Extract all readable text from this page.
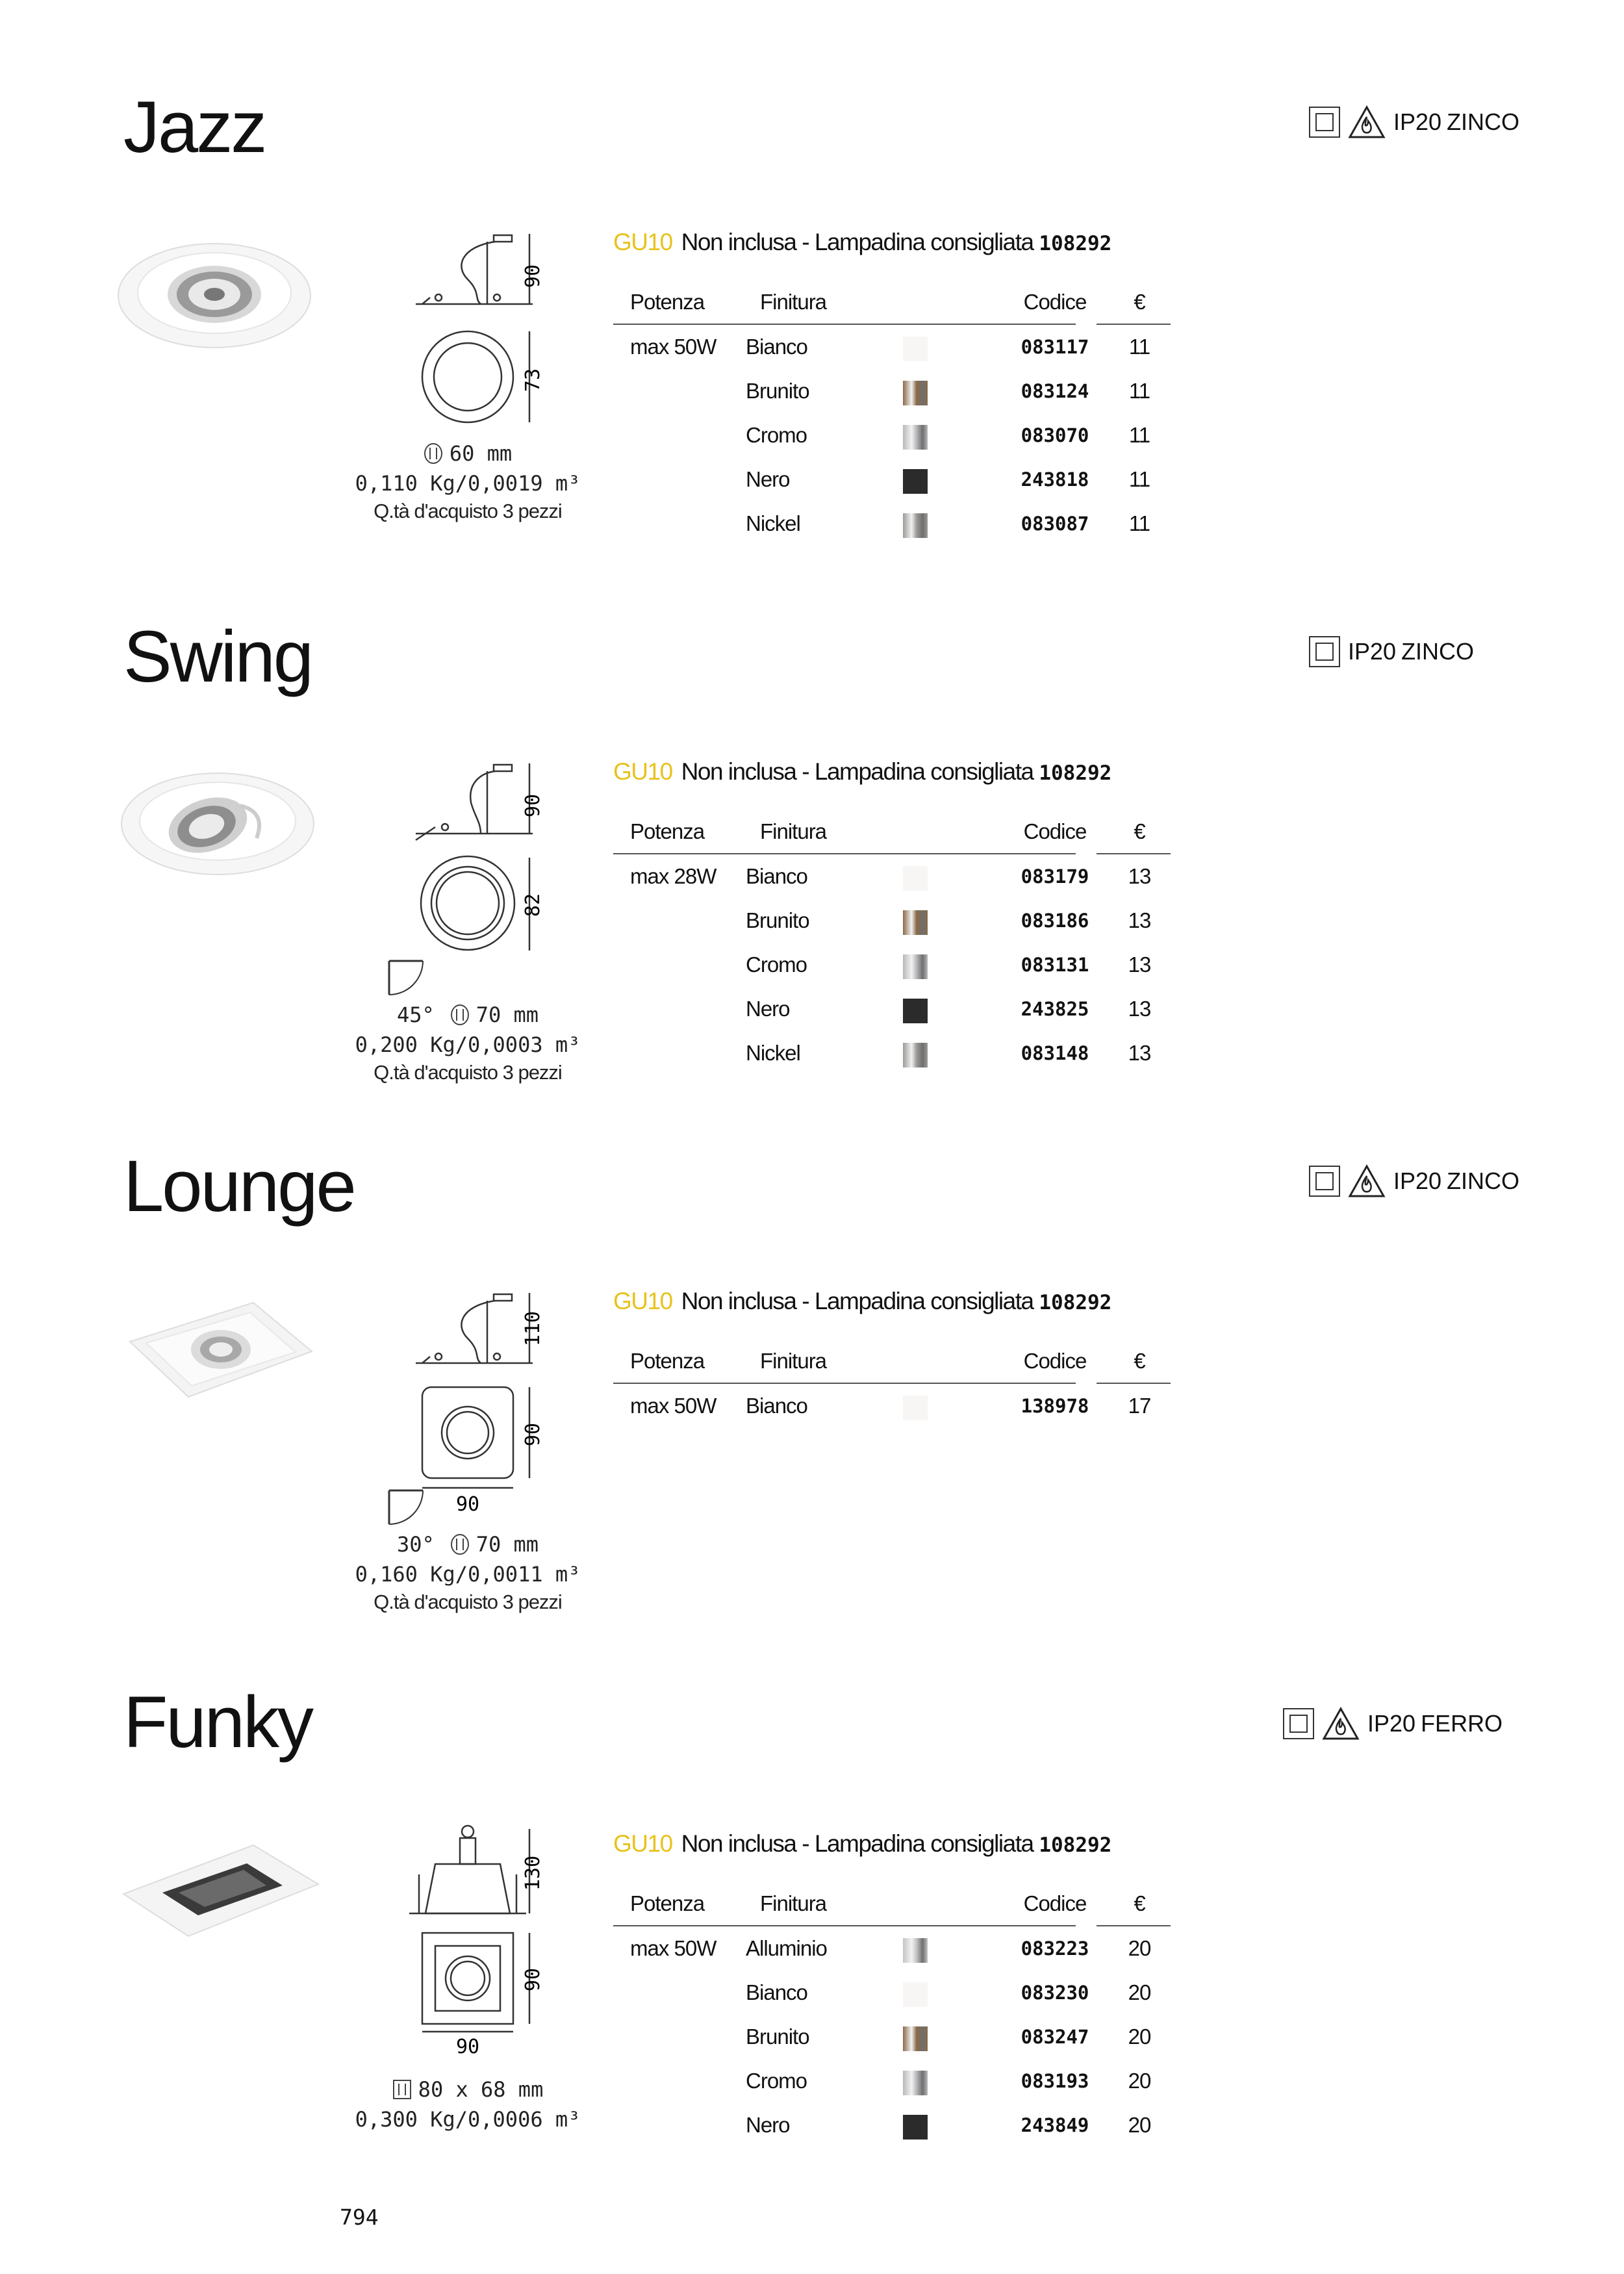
Jazz	IP20 ZINCO
90
73
60 mm
0,110 Kg/0,0019 m³
Q.tà d'acquisto 3 pezzi
GU10 Non inclusa - Lampadina consigliata 108292
Potenza	Finitura	Codice	€
max 50W Bianco	083117	11
Brunito	083124	11
Cromo	083070	11
Nero	243818	11
Nickel	083087	11
Swing	IP20 ZINCO
90
82
45° 70 mm
0,200 Kg/0,0003 m³
Q.tà d'acquisto 3 pezzi
GU10 Non inclusa - Lampadina consigliata 108292
Potenza	Finitura	Codice	€
max 28W Bianco	083179	13
Brunito	083186	13
Cromo	083131	13
Nero	243825	13
Nickel	083148	13
Lounge	IP20 ZINCO
110
90
90
30° 70 mm
0,160 Kg/0,0011 m³
Q.tà d'acquisto 3 pezzi
GU10 Non inclusa - Lampadina consigliata 108292
Potenza	Finitura	Codice	€
max 50W Bianco	138978	17
Funky	IP20 FERRO
130
90
90
80 x 68 mm
0,300 Kg/0,0006 m³
GU10 Non inclusa - Lampadina consigliata 108292
Potenza	Finitura	Codice	€
max 50W Alluminio	083223	20
Bianco	083230	20
Brunito	083247	20
Cromo	083193	20
Nero	243849	20
794
